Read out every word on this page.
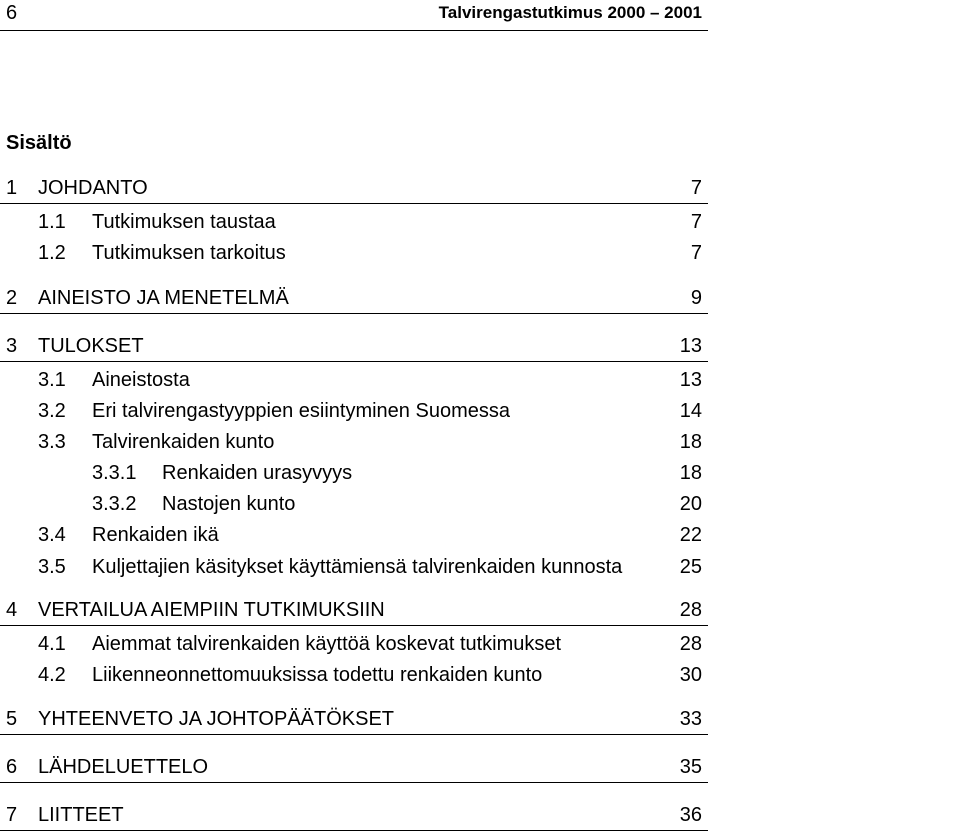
6	Talvirengastutkimus 2000 – 2001
Sisältö
1 JOHDANTO	7
1.1 Tutkimuksen taustaa	7
1.2 Tutkimuksen tarkoitus	7
2 AINEISTO JA MENETELMÄ	9
3 TULOKSET	13
3.1 Aineistosta	13
3.2 Eri talvirengastyyppien esiintyminen Suomessa	14
3.3 Talvirenkaiden kunto	18
3.3.1 Renkaiden urasyvyys	18
3.3.2 Nastojen kunto	20
3.4 Renkaiden ikä	22
3.5 Kuljettajien käsitykset käyttämiensä talvirenkaiden kunnosta	25
4 VERTAILUA AIEMPIIN TUTKIMUKSIIN	28
4.1 Aiemmat talvirenkaiden käyttöä koskevat tutkimukset	28
4.2 Liikenneonnettomuuksissa todettu renkaiden kunto	30
5 YHTEENVETO JA JOHTOPÄÄTÖKSET	33
6 LÄHDELUETTELO	35
7 LIITTEET	36
